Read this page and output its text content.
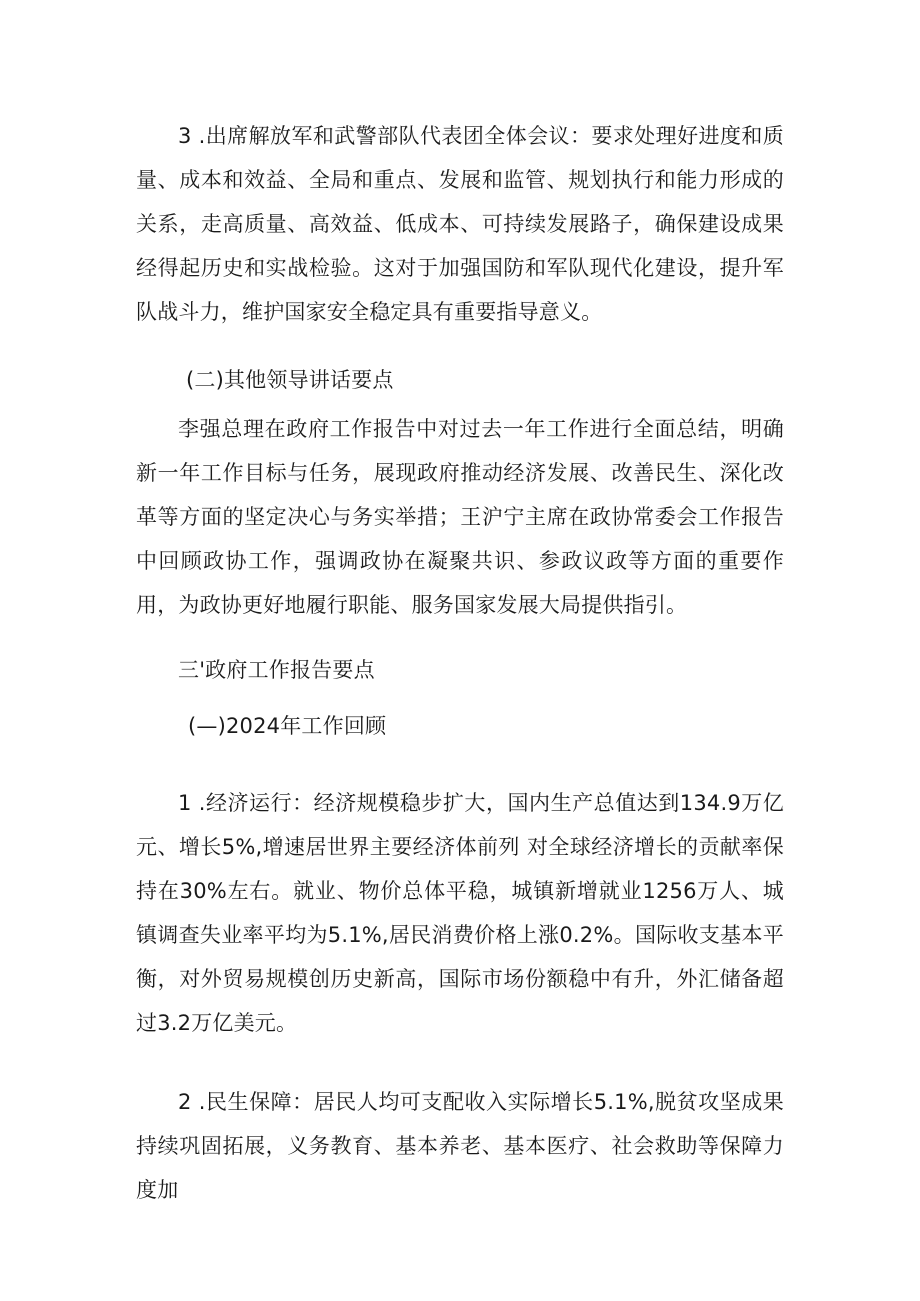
3 .出席解放军和武警部队代表团全体会议：要求处理好进度和质量、成本和效益、全局和重点、发展和监管、规划执行和能力形成的关系，走高质量、高效益、低成本、可持续发展路子，确保建设成果经得起历史和实战检验。这对于加强国防和军队现代化建设，提升军队战斗力，维护国家安全稳定具有重要指导意义。

(二)其他领导讲话要点

李强总理在政府工作报告中对过去一年工作进行全面总结，明确新一年工作目标与任务，展现政府推动经济发展、改善民生、深化改革等方面的坚定决心与务实举措；王沪宁主席在政协常委会工作报告中回顾政协工作，强调政协在凝聚共识、参政议政等方面的重要作用，为政协更好地履行职能、服务国家发展大局提供指引。

三'政府工作报告要点
(—)2024年工作回顾

1 .经济运行：经济规模稳步扩大，国内生产总值达到134.9万亿元、增长5%,增速居世界主要经济体前列 对全球经济增长的贡献率保持在30%左右。就业、物价总体平稳，城镇新增就业1256万人、城镇调查失业率平均为5.1%,居民消费价格上涨0.2%。国际收支基本平衡，对外贸易规模创历史新高，国际市场份额稳中有升，外汇储备超过3.2万亿美元。

2 .民生保障：居民人均可支配收入实际增长5.1%,脱贫攻坚成果持续巩固拓展，义务教育、基本养老、基本医疗、社会救助等保障力度加
